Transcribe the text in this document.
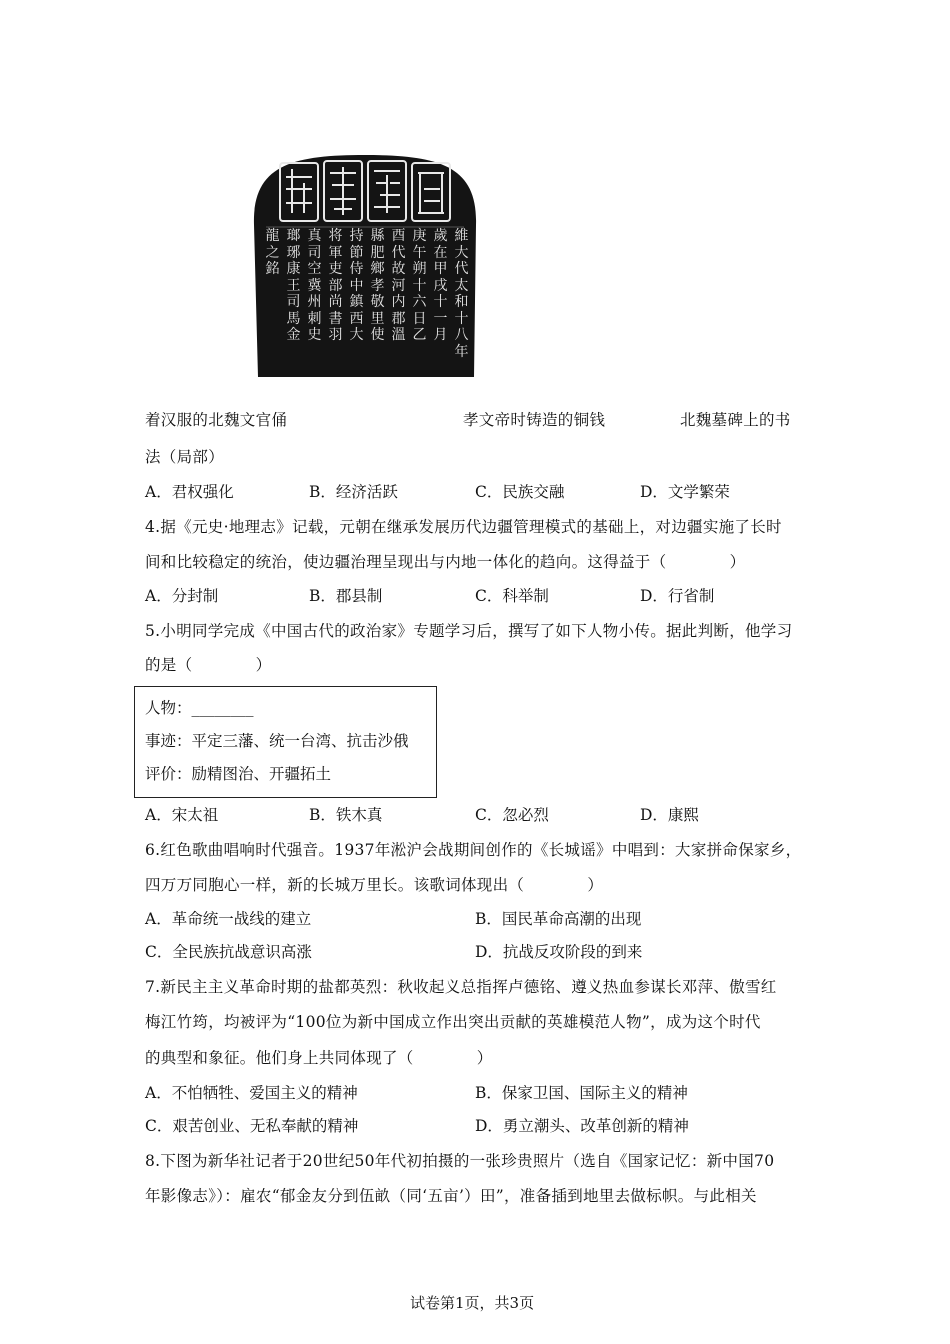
維大代太和十八年
歲在甲戌十一月
庚午朔十六日乙
酉代故河内郡溫
縣肥鄉孝敬里使
持節侍中鎮西大
将軍吏部尚書羽
真司空冀州刺史
瑯琊康王司馬金
龍之銘
着汉服的北魏文官俑	孝文帝时铸造的铜钱	北魏墓碑上的书
法（局部）
A．君权强化	B．经济活跃	C．民族交融	D．文学繁荣
4.据《元史·地理志》记载，元朝在继承发展历代边疆管理模式的基础上，对边疆实施了长时
间和比较稳定的统治，使边疆治理呈现出与内地一体化的趋向。这得益于（　　　　）
A．分封制	B．郡县制	C．科举制	D．行省制
5.小明同学完成《中国古代的政治家》专题学习后，撰写了如下人物小传。据此判断，他学习
的是（　　　　）
人物：________
事迹：平定三藩、统一台湾、抗击沙俄
评价：励精图治、开疆拓土
A．宋太祖	B．铁木真	C．忽必烈	D．康熙
6.红色歌曲唱响时代强音。1937年淞沪会战期间创作的《长城谣》中唱到：大家拼命保家乡，
四万万同胞心一样，新的长城万里长。该歌词体现出（　　　　）
A．革命统一战线的建立	B．国民革命高潮的出现
C．全民族抗战意识高涨	D．抗战反攻阶段的到来
7.新民主主义革命时期的盐都英烈：秋收起义总指挥卢德铭、遵义热血参谋长邓萍、傲雪红
梅江竹筠，均被评为“100位为新中国成立作出突出贡献的英雄模范人物”，成为这个时代
的典型和象征。他们身上共同体现了（　　　　）
A．不怕牺牲、爱国主义的精神	B．保家卫国、国际主义的精神
C．艰苦创业、无私奉献的精神	D．勇立潮头、改革创新的精神
8.下图为新华社记者于20世纪50年代初拍摄的一张珍贵照片（选自《国家记忆：新中国70
年影像志》）：雇农“郁金友分到伍畝（同‘五亩’）田”，准备插到地里去做标帜。与此相关
试卷第1页，共3页
